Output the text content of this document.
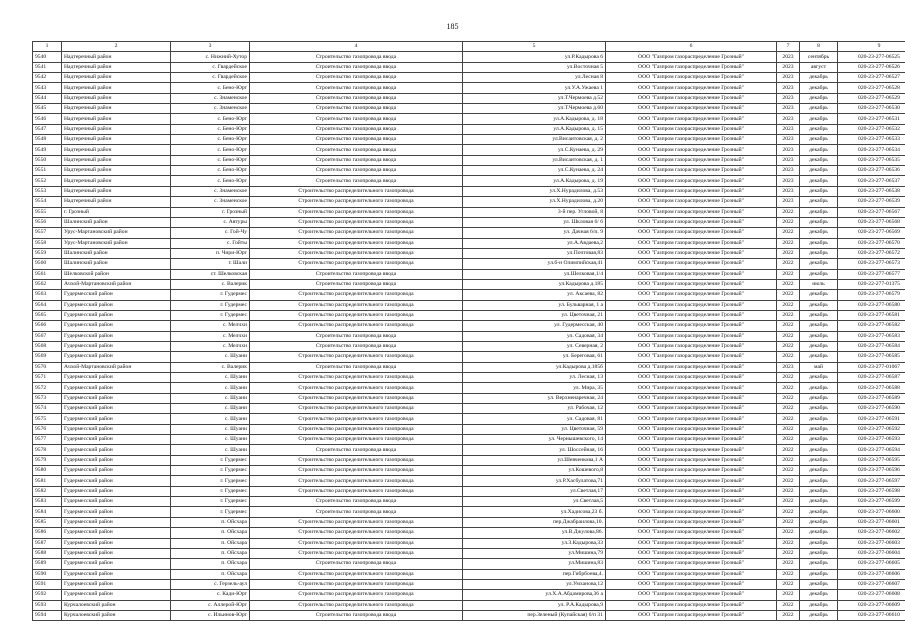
185
1	2	3	4	5	6	7	8	9
9540	Надтеречный район	с. Нижний-Хутор	Строительство газопровода ввода	ул.Р.Кадырова 6	ООО "Газпром газораспределение Грозный"	2023	сентябрь	020-23-277-06525
9541	Надтеречный район	с. Гвардейское	Строительство газопровода ввода	ул.Восточная 5	ООО "Газпром газораспределение Грозный"	2023	август	020-23-277-06526
9542	Надтеречный район	с. Гвардейское	Строительство газопровода ввода	ул.Лесная 8	ООО "Газпром газораспределение Грозный"	2023	декабрь	020-23-277-06527
9543	Надтеречный район	с. Бено-Юрт	Строительство газопровода ввода	ул.У.А.Ужаева 1	ООО "Газпром газораспределение Грозный"	2023	декабрь	020-23-277-06528
9544	Надтеречный район	с. Знаменское	Строительство газопровода ввода	ул.Т.Чермоева д.52	ООО "Газпром газораспределение Грозный"	2023	декабрь	020-23-277-06529
9545	Надтеречный район	с. Знаменское	Строительство газопровода ввода	ул.Т.Чермоева д.60	ООО "Газпром газораспределение Грозный"	2023	декабрь	020-23-277-06530
9546	Надтеречный район	с. Бено-Юрт	Строительство газопровода ввода	ул.А.Кадырова, д. 18	ООО "Газпром газораспределение Грозный"	2023	декабрь	020-23-277-06531
9547	Надтеречный район	с. Бено-Юрт	Строительство газопровода ввода	ул.А.Кадырова, д. 15	ООО "Газпром газораспределение Грозный"	2023	декабрь	020-23-277-06532
9548	Надтеречный район	с. Бено-Юрт	Строительство газопровода ввода	ул.Висаитовская, д. 2	ООО "Газпром газораспределение Грозный"	2023	декабрь	020-23-277-06533
9549	Надтеречный район	с. Бено-Юрт	Строительство газопровода ввода	ул.С.Кунаева, д. 29	ООО "Газпром газораспределение Грозный"	2023	декабрь	020-23-277-06534
9550	Надтеречный район	с. Бено-Юрт	Строительство газопровода ввода	ул.Висаитовская, д. 1	ООО "Газпром газораспределение Грозный"	2023	декабрь	020-23-277-06535
9551	Надтеречный район	с. Бено-Юрт	Строительство газопровода ввода	ул.С.Кунаева, д. 24	ООО "Газпром газораспределение Грозный"	2023	декабрь	020-23-277-06536
9552	Надтеречный район	с. Бено-Юрт	Строительство газопровода ввода	ул.А.Кадырова, д. 19	ООО "Газпром газораспределение Грозный"	2023	декабрь	020-23-277-06537
9553	Надтеречный район	с. Знаменское	Строительство распределительного газопровода	ул.Х.Нурадилова, д.53	ООО "Газпром газораспределение Грозный"	2023	декабрь	020-23-277-06538
9554	Надтеречный район	с. Знаменское	Строительство распределительного газопровода	ул.Х.Нурадилова, д.20	ООО "Газпром газораспределение Грозный"	2023	декабрь	020-23-277-06539
9555	г. Грозный	г. Грозный	Строительство распределительного газопровода	3-й пер. Угловой, 8	ООО "Газпром газораспределение Грозный"	2022	декабрь	020-23-277-06567
9556	Шалинский район	с. Автуры	Строительство распределительного газопровода	ул. Шкловая 6/ 6	ООО "Газпром газораспределение Грозный"	2022	декабрь	020-23-277-06568
9557	Урус-Мартановский район	с. Гой-Чу	Строительство распределительного газопровода	ул. Дачная 6/п. 9	ООО "Газпром газораспределение Грозный"	2022	декабрь	020-23-277-06569
9558	Урус-Мартановский район	с. Гойты	Строительство распределительного газопровода	ул.А.Авдаева,2	ООО "Газпром газораспределение Грозный"	2022	декабрь	020-23-277-06570
9559	Шалинский район	п. Чири-Юрт	Строительство распределительного газопровода	ул.Почтовая,83	ООО "Газпром газораспределение Грозный"	2022	декабрь	020-23-277-06572
9560	Шалинский район	г. Шали	Строительство распределительного газопровода	ул.б-н Олимпийская,41	ООО "Газпром газораспределение Грозный"	2022	декабрь	020-23-277-06573
9561	Шелковской район	ст. Шелковская	Строительство газопровода ввода	ул.Шелковая,1/4	ООО "Газпром газораспределение Грозный"	2022	декабрь	020-23-277-06577
9562	Ачхой-Мартановский район	с. Валерик	Строительство газопровода ввода	ул.Кадырова д.185	ООО "Газпром газораспределение Грозный"	2022	июль	020-22-277-01375
9563	Гудермесский район	г. Гудермес	Строительство распределительного газопровода	ул. Аксаева, 82	ООО "Газпром газораспределение Грозный"	2022	декабрь	020-23-277-06579
9564	Гудермесский район	г. Гудермес	Строительство распределительного газопровода	ул. Бульварная, 1 а	ООО "Газпром газораспределение Грозный"	2022	декабрь	020-23-277-06580
9565	Гудермесский район	г. Гудермес	Строительство распределительного газопровода	ул. Цветочная, 21	ООО "Газпром газораспределение Грозный"	2022	декабрь	020-23-277-06581
9566	Гудермесский район	с. Мелчхи	Строительство распределительного газопровода	ул. Гудермесская, 40	ООО "Газпром газораспределение Грозный"	2022	декабрь	020-23-277-06582
9567	Гудермесский район	с. Мелчхи	Строительство газопровода ввода	ул. Садовая, 34	ООО "Газпром газораспределение Грозный"	2022	декабрь	020-23-277-06583
9568	Гудермесский район	с. Мелчхи	Строительство газопровода ввода	ул. Северная, 2	ООО "Газпром газораспределение Грозный"	2022	декабрь	020-23-277-06584
9569	Гудермесский район	с. Шуани	Строительство распределительного газопровода	ул. Береговая, 61	ООО "Газпром газораспределение Грозный"	2022	декабрь	020-23-277-06585
9570	Ачхой-Мартановский район	с. Валерик	Строительство газопровода ввода	ул.Кадырова д.185б	ООО "Газпром газораспределение Грозный"	2023	май	020-23-277-01067
9571	Гудермесский район	с. Шуани	Строительство распределительного газопровода	ул. Лесная, 13	ООО "Газпром газораспределение Грозный"	2022	декабрь	020-23-277-06587
9572	Гудермесский район	с. Шуани	Строительство распределительного газопровода	ул. Мира, 35	ООО "Газпром газораспределение Грозный"	2022	декабрь	020-23-277-06588
9573	Гудермесский район	с. Шуани	Строительство распределительного газопровода	ул. Верхненаречная, 24	ООО "Газпром газораспределение Грозный"	2022	декабрь	020-23-277-06589
9574	Гудермесский район	с. Шуани	Строительство распределительного газопровода	ул. Рабочая, 12	ООО "Газпром газораспределение Грозный"	2022	декабрь	020-23-277-06590
9575	Гудермесский район	с. Шуани	Строительство распределительного газопровода	ул. Садовая, 81	ООО "Газпром газораспределение Грозный"	2022	декабрь	020-23-277-06591
9576	Гудермесский район	с. Шуани	Строительство распределительного газопровода	ул. Цветочная, 59	ООО "Газпром газораспределение Грозный"	2022	декабрь	020-23-277-06592
9577	Гудермесский район	с. Шуани	Строительство распределительного газопровода	ул. Чернышевского, 14	ООО "Газпром газораспределение Грозный"	2022	декабрь	020-23-277-06593
9578	Гудермесский район	с. Шуани	Строительство газопровода ввода	ул. Шоссейная, 16	ООО "Газпром газораспределение Грозный"	2022	декабрь	020-23-277-06594
9579	Гудермесский район	г. Гудермес	Строительство распределительного газопровода	ул.Шевченкова,1 А	ООО "Газпром газораспределение Грозный"	2022	декабрь	020-23-277-06595
9580	Гудермесский район	г. Гудермес	Строительство распределительного газопровода	ул.Кошевого,8	ООО "Газпром газораспределение Грозный"	2022	декабрь	020-23-277-06596
9581	Гудермесский район	г. Гудермес	Строительство распределительного газопровода	ул.Р.Хасбулатова,71	ООО "Газпром газораспределение Грозный"	2022	декабрь	020-23-277-06597
9582	Гудермесский район	г. Гудермес	Строительство распределительного газопровода	ул.Светлая,17	ООО "Газпром газораспределение Грозный"	2022	декабрь	020-23-277-06598
9583	Гудермесский район	г. Гудермес	Строительство газопровода ввода	ул.Светлая,5	ООО "Газпром газораспределение Грозный"	2022	декабрь	020-23-277-06599
9584	Гудермесский район	г. Гудермес	Строительство газопровода ввода	ул.Хадисова,23 б.	ООО "Газпром газораспределение Грозный"	2022	декабрь	020-23-277-06600
9585	Гудермесский район	п. Ойсхара	Строительство распределительного газопровода	пер.Джабраилова,10.	ООО "Газпром газораспределение Грозный"	2022	декабрь	020-23-277-06601
9586	Гудермесский район	п. Ойсхара	Строительство распределительного газопровода	ул.В.Джулова,86.	ООО "Газпром газораспределение Грозный"	2022	декабрь	020-23-277-06602
9587	Гудермесский район	п. Ойсхара	Строительство распределительного газопровода	ул.З.Кадырова,33	ООО "Газпром газораспределение Грозный"	2022	декабрь	020-23-277-06603
9588	Гудермесский район	п. Ойсхара	Строительство распределительного газопровода	ул.Мишина,79	ООО "Газпром газораспределение Грозный"	2022	декабрь	020-23-277-06604
9589	Гудермесский район	п. Ойсхара	Строительство газопровода ввода	ул.Мишина,83	ООО "Газпром газораспределение Грозный"	2022	декабрь	020-23-277-06605
9590	Гудермесский район	п. Ойсхара	Строительство распределительного газопровода	пер.Гибрбоева,4.	ООО "Газпром газораспределение Грозный"	2022	декабрь	020-23-277-06606
9591	Гудермесский район	с. Герзель-аул	Строительство распределительного газопровода	ул.Умханова,12	ООО "Газпром газораспределение Грозный"	2022	декабрь	020-23-277-06607
9592	Гудермесский район	с. Кади-Юрт	Строительство распределительного газопровода	ул.Х.А.Абдамирова,36 а	ООО "Газпром газораспределение Грозный"	2022	декабрь	020-23-277-06608
9593	Курчалоевский район	с. Аллерой-Юрт	Строительство распределительного газопровода	ул. Р.А.Кадырова,9	ООО "Газпром газораспределение Грозный"	2022	декабрь	020-23-277-06609
9594	Курчалоевский район	с. Ильинов-Юрт	Строительство газопровода ввода	пер.Зеленый (Купайская) 6/п 31	ООО "Газпром газораспределение Грозный"	2022	декабрь	020-23-277-06610
